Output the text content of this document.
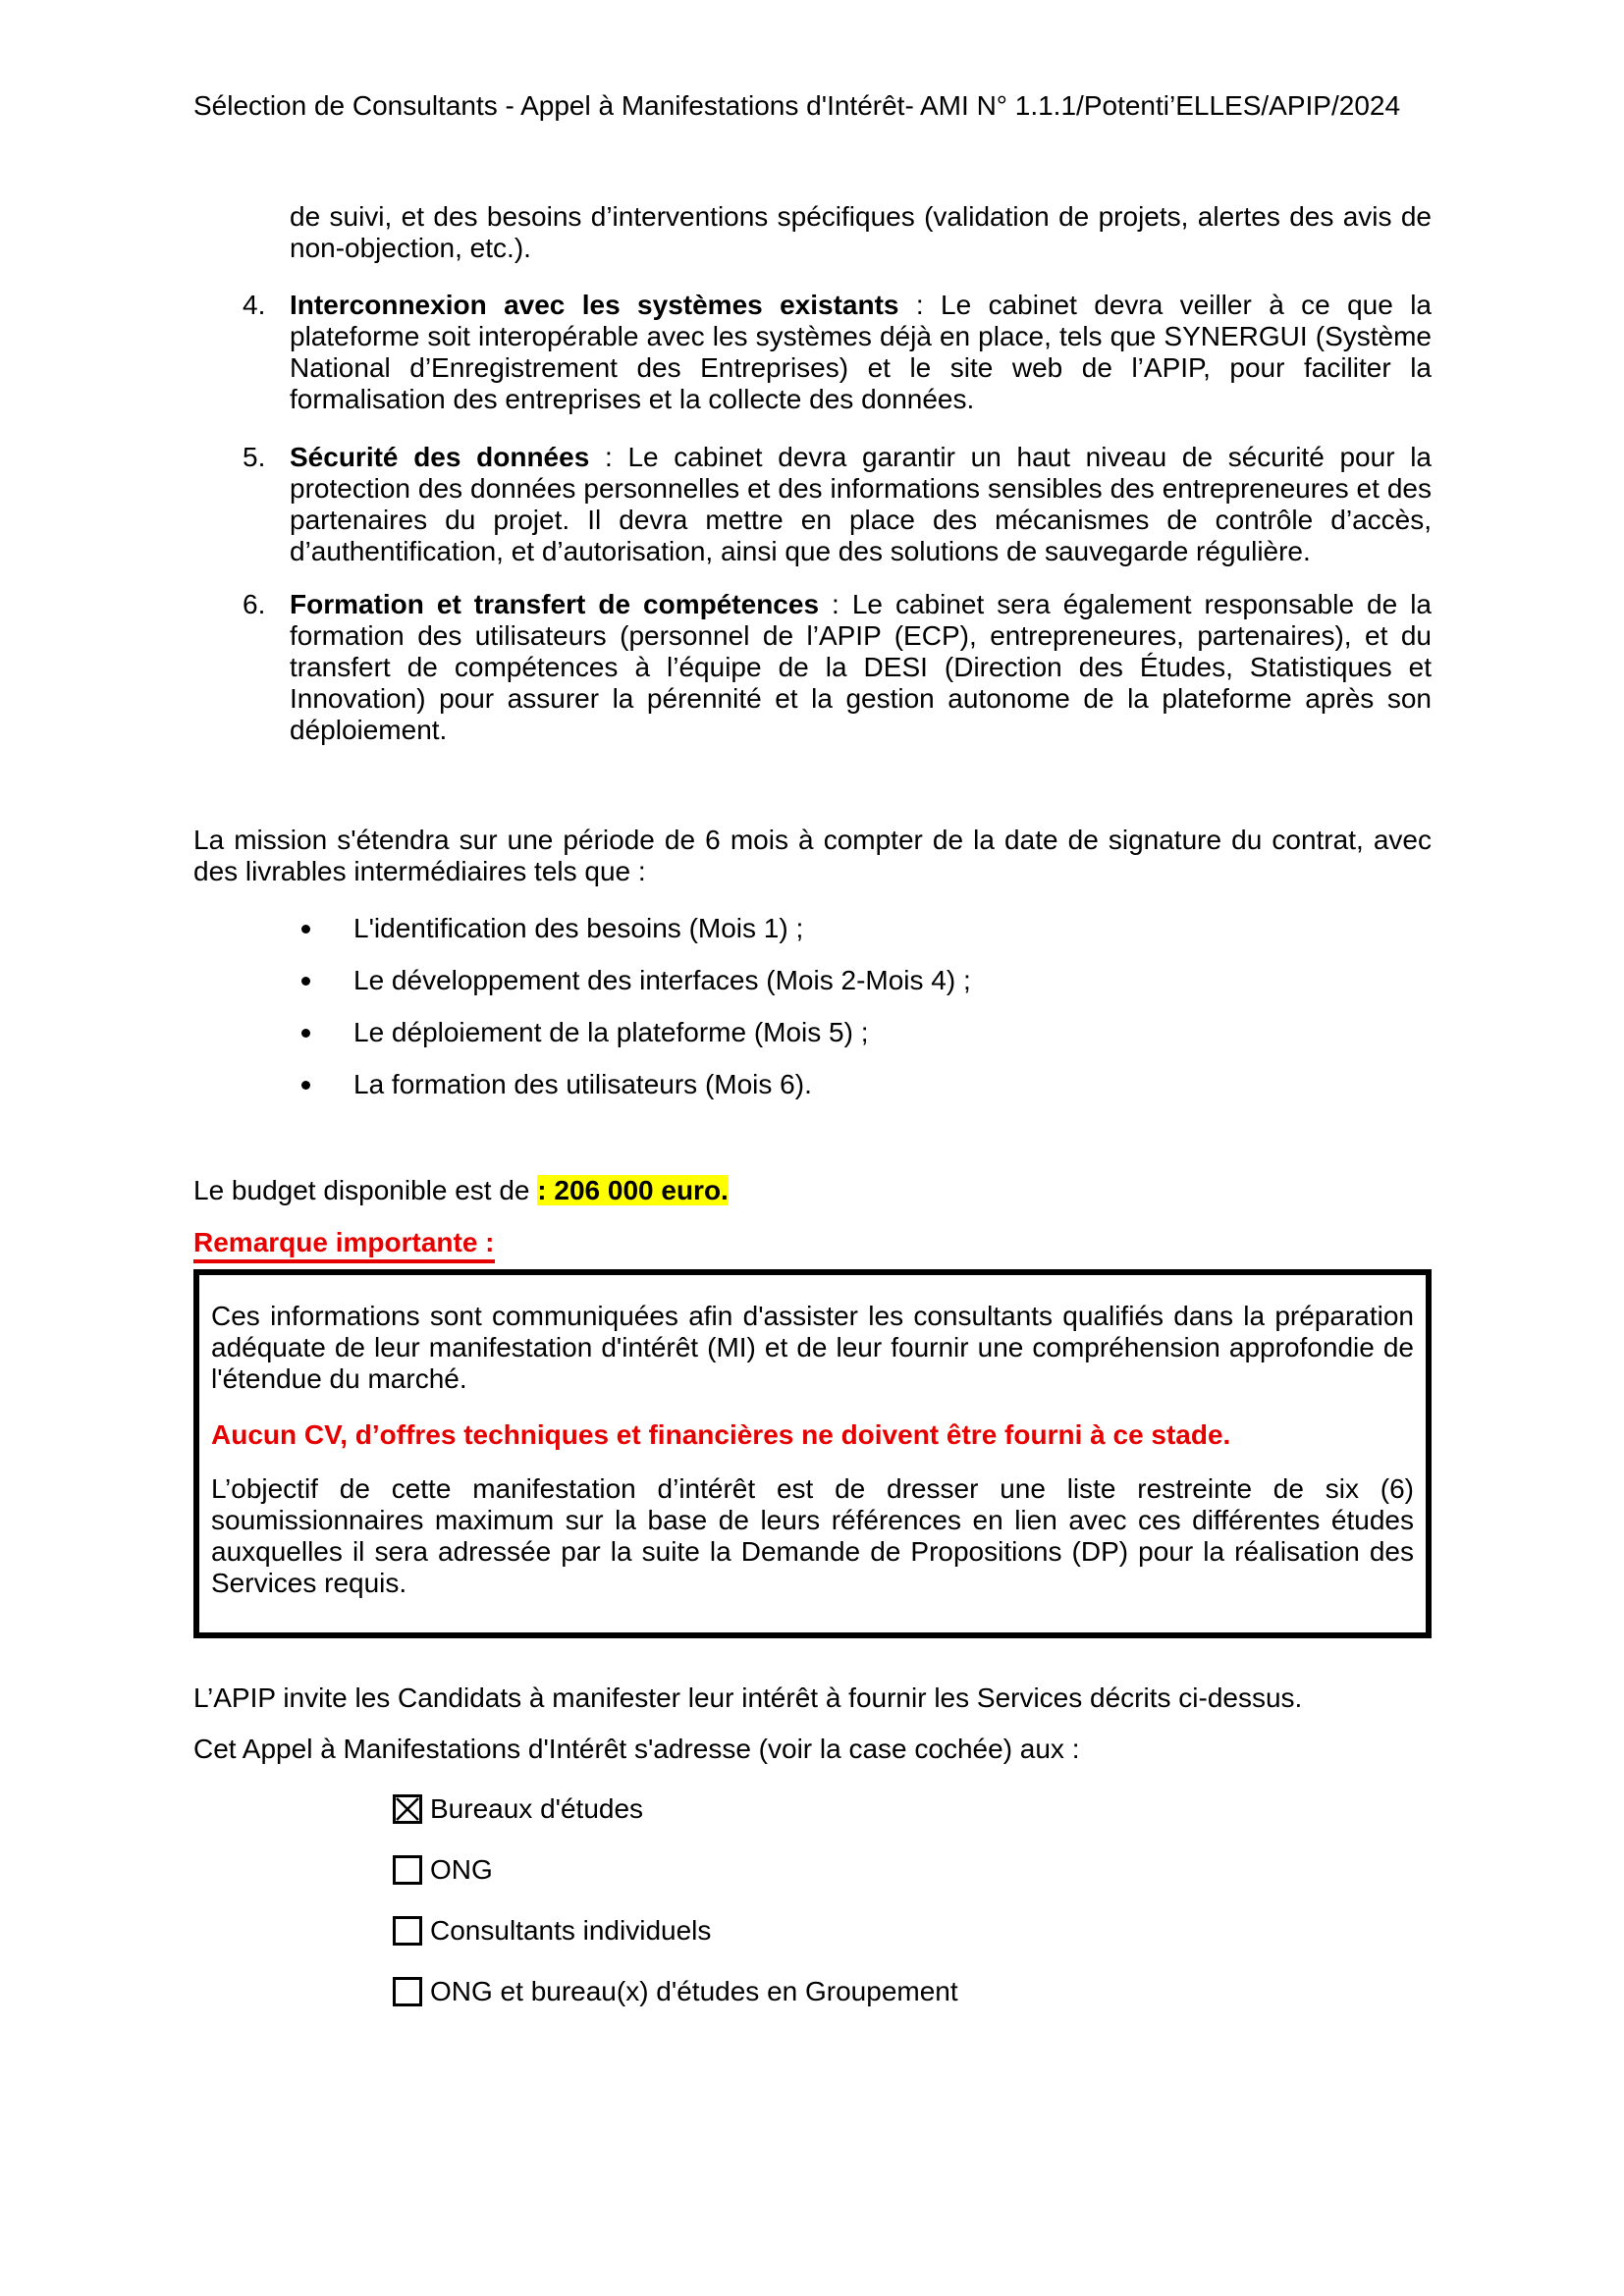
Sélection de Consultants - Appel à Manifestations d'Intérêt- AMI N° 1.1.1/Potenti’ELLES/APIP/2024

de suivi, et des besoins d’interventions spécifiques (validation de projets, alertes des avis de non-objection, etc.).

4. Interconnexion avec les systèmes existants : Le cabinet devra veiller à ce que la plateforme soit interopérable avec les systèmes déjà en place, tels que SYNERGUI (Système National d’Enregistrement des Entreprises) et le site web de l’APIP, pour faciliter la formalisation des entreprises et la collecte des données.
5. Sécurité des données : Le cabinet devra garantir un haut niveau de sécurité pour la protection des données personnelles et des informations sensibles des entrepreneures et des partenaires du projet. Il devra mettre en place des mécanismes de contrôle d’accès, d’authentification, et d’autorisation, ainsi que des solutions de sauvegarde régulière.
6. Formation et transfert de compétences : Le cabinet sera également responsable de la formation des utilisateurs (personnel de l’APIP (ECP), entrepreneures, partenaires), et du transfert de compétences à l’équipe de la DESI (Direction des Études, Statistiques et Innovation) pour assurer la pérennité et la gestion autonome de la plateforme après son déploiement.

La mission s'étendra sur une période de 6 mois à compter de la date de signature du contrat, avec des livrables intermédiaires tels que :

L'identification des besoins (Mois 1) ;
Le développement des interfaces (Mois 2-Mois 4) ;
Le déploiement de la plateforme (Mois 5) ;
La formation des utilisateurs (Mois 6).

Le budget disponible est de : 206 000 euro.

Remarque importante :

Ces informations sont communiquées afin d'assister les consultants qualifiés dans la préparation adéquate de leur manifestation d'intérêt (MI) et de leur fournir une compréhension approfondie de l'étendue du marché.

Aucun CV, d’offres techniques et financières ne doivent être fourni à ce stade.

L’objectif de cette manifestation d’intérêt est de dresser une liste restreinte de six (6) soumissionnaires maximum sur la base de leurs références en lien avec ces différentes études auxquelles il sera adressée par la suite la Demande de Propositions (DP) pour la réalisation des Services requis.

L’APIP invite les Candidats à manifester leur intérêt à fournir les Services décrits ci-dessus.

Cet Appel à Manifestations d'Intérêt s'adresse (voir la case cochée) aux :

Bureaux d'études
ONG
Consultants individuels
ONG et bureau(x) d'études en Groupement
